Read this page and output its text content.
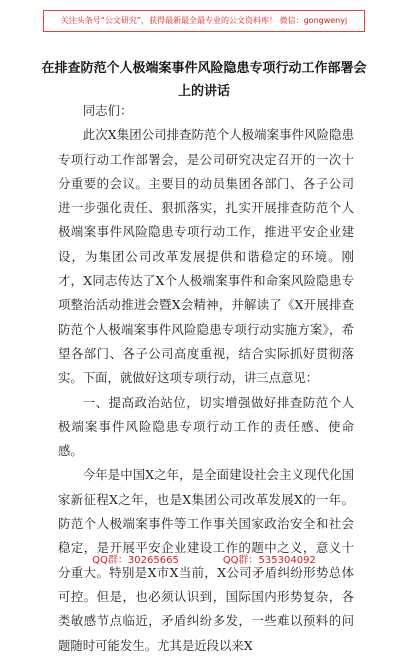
关注头条号“公文研究”，获得最新最全最专业的公文资料库！ 微信：gongwenyj
在排查防范个人极端案事件风险隐患专项行动工作部署会
上的讲话

同志们：

此次X集团公司排查防范个人极端案事件风险隐患专项行动工作部署会，是公司研究决定召开的一次十分重要的会议。主要目的动员集团各部门、各子公司进一步强化责任、狠抓落实，扎实开展排查防范个人极端案事件风险隐患专项行动工作，推进平安企业建设，为集团公司改革发展提供和谐稳定的环境。刚才，X同志传达了X个人极端案事件和命案风险隐患专项整治活动推进会暨X会精神，并解读了《X开展排查防范个人极端案事件风险隐患专项行动实施方案》，希望各部门、各子公司高度重视，结合实际抓好贯彻落实。下面，就做好这项专项行动，讲三点意见：

一、提高政治站位，切实增强做好排查防范个人极端案事件风险隐患专项行动工作的责任感、使命感。

今年是中国X之年，是全面建设社会主义现代化国家新征程X之年，也是X集团公司改革发展X的一年。防范个人极端案事件等工作事关国家政治安全和社会稳定，是开展平安企业建设工作的题中之义，意义十分重大。特别是X市X当前，X公司矛盾纠纷形势总体可控。但是，也必须认识到，国际国内形势复杂，各类敏感节点临近，矛盾纠纷多发，一些难以预料的问题随时可能发生。尤其是近段以来X

QQ群：30265665	QQ群：535304092
